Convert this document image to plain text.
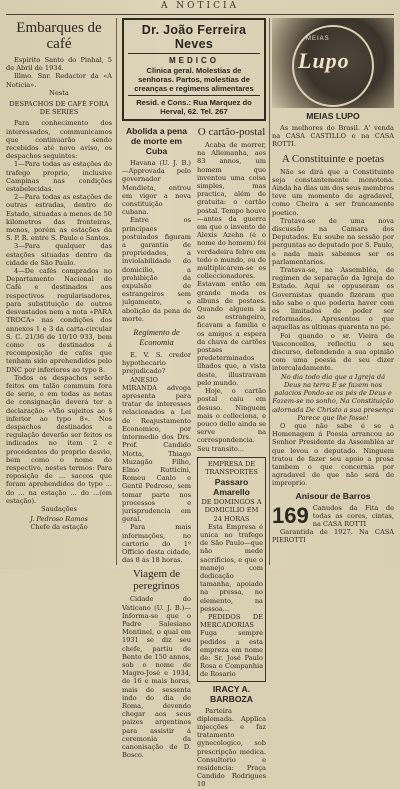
A NOTICIA
Embarques de café

Espirito Santo do Pinhal, 5 de Abril de 1934.

Illmo. Snr. Redactor da «A Noticia».

Nesta

DESPACHOS DE CAFÉ FORA DE SERIES

Para conhecimento dos interessados, communicamos que continuarão sendo recebidos até novo aviso, os despachos seguintes:

1—Para todas as estações do trafego proprio, inclusive Campinas nas condições estabelecidas.

2—Para todas as estações de outras estradas, dentro do Estado, situadas a menos de 50 kilometros das fronteiras, menos, porém as estações da S. P. R. entre S. Paulo e Santos.

3—Para qualquer das estações situadas dentro da cidade de São Paulo.

4—De cafés comprados no Departamento Nacional do Café e destinados aos respectivos regularisadores, para substituição de outros desvastados nem a nota «PARA TROCA» nas condições dos annexos 1 e 3 da carta-circular S. C. 21/36 de 10/10 933, bem como os destinados á recomposição de cafés que tenham sido aprehendidos pelo DNC por inferiores ao typo 8.

Todos os despachos serão feitos em talão commum fora de serie, e em todas as notas de consignação deverá ter a declaração: «Vão sujeitos ao § inferior ao typo 8». Nos despachos destinados a regulação deverão ser feitos os indicados no item 2 e procedentes do proprio desvio, bem como o nome do respectivo, nestes termos: Para reposição de ... saccos que foram aprehendidos do typo ... do ... na estação ... do ...(em estação).

Saudações

J. Pedroso Ramos

Chefe da estação

Dr. João Ferreira Neves
MEDICO
Clinica geral. Molestias de senhoras. Partos, molestias de creanças e regimens alimentares
Resid. e Cons.: Rua Marquez do Herval, 62. Tel. 267
Abolida a pena de morte em Cuba

Havana (U. J. B.)—Approvada pelo governador Mendieta, entrou em vigor a nova constituição cubana.

Entre os principaes postulados figuram a garantia de propriedades, a inviolabilidade do domicilio, a prohibição da expulsão de estrangeiros sem julgamento, e abolição da pena de morte.

Regimento de Economia

E. V. S. credor hypothecario prejudicado?

ANESIO MIRANDA advoga apresenta para tratar de interesses relacionados a Lei de Reajustamento Economico, por intermedio dos Drs. Prof. Candido Motta, Thiago Muzagão Filho, Elmo Rutticini, Romeu Canlo e Gentil Pedroso, sem tomar parte nos processos e jurisprudencia em geral.

Para mais informações, no cartorio do 1º Officio desta cidade, das 8 ás 18 horas.

Viagem de peregrinos

Cidade do Vaticano (U. J. B.)—Informa-se que o Padre Salesiano Montinel, o qual em 1931 se diz seu chefe, partiu de Bento de 150 annos, sob o nome de Magro-José e 1934, de 16 e mais horas, mais de sessenta indo do dia de Roma, devendo chegar aos seus paizes argentinos para assistir á ceremonia da canonisação de D. Bosco.

O cartão-postal

Acaba de morrer, na Allemanha, aos 83 annos, um homem que inventou uma coisa simples, mas practica, além de gratuita: o cartão postal. Tempo houve—antes da guerra em que o invento de Alexis Azehn (é o nome do homem) foi verdadeira febre em todo o mundo, ou de multiplicarem-se os colleccionadores. Estavam então em grande moda os albuns de postaes. Quando alguem ia ao estrangeiro, ficavam a familia e os amigos a espera da chuva de cartões postaes predeterminados ilhados que, a vista deste, illustravam pelo mundo.

Hoje, o cartão postal caiu em desuso. Ninguem mais o colleciona, e pouco delle ainda se serve na correspondencia. Seu transito...

EMPRESA DE TRANSPORTES

Passaro Amarello

DE DOMINGOS A DOMICILIO EM 24 HORAS

Esta Empresa é unica no trafego de São Paulo—que não mede sacrificios, e que o manejo com dedicação tamanha, apoiado na pressa, no elemento, na pessoa...

PEDIDOS DE MERCADORIAS Fuga sempre pedidos a esta empreza em nome de: Sr. José Paulo Rosa e Companhia de Rosario

IRACY A. BARBOZA

Parteira diplomada. Applica injecções e faz tratamento gynecologico, sob prescripção medica. Consultorio e residencia: Praça Candido Rodrigues 10

MEIAS
Lupo
MEIAS LUPO

As melhores do Brasil. A' venda na CASA CASTILLO e na CASA ROTTI.

A Constituinte e poetas

Não se dirá que a Constituinte seja constantemente monotona. Ainda ha dias um dos seus membros teve um momento de agradavel, como Cheira a ser francamente poetico.

Tratava-se de uma nova discussão na Camara dos Deputados. Eu soube na sessão por perguntas ao deputado por S. Paulo, e nada mais sabemos ser os parlamentarios.

Tratava-se, na Assembléa, de regimen de separação da Igreja do Estado. Aqui se oppuseram os Governistas quando fizeram que não sabe o que poderia haver com os limitados de poder ser reformados. Apresentou o que aquellas as ultimas quarenta no pé.

Foi quando o sr. Vieira de Vasconcellos, reflectiu o seu discurso, defendendo a sua opinião com uma poesia de seu dizer intercaladamente.

No dia todo dia que a Igreja dá Deus na terra E se fazem nos palacios Pondo-se os pés de Deus e Fazem-se no sonho, Na Constituição adornada De Christo a sua presença Parece que lhe fosse!

O que não sabe é se a Homenagem á Poesia arrancou ao Senhor Presidente da Assembléa ar que levou o deputado. Ninguem tratou de fazer seu apoio a prosa tambem o que concernia por agradavel de que não será de improprio.

Anisour de Barros
169 Canudos da Fita de todas as cores, cintas, na CASA ROTTI

Garantida de 1927. Na CASA PIEROTTI
